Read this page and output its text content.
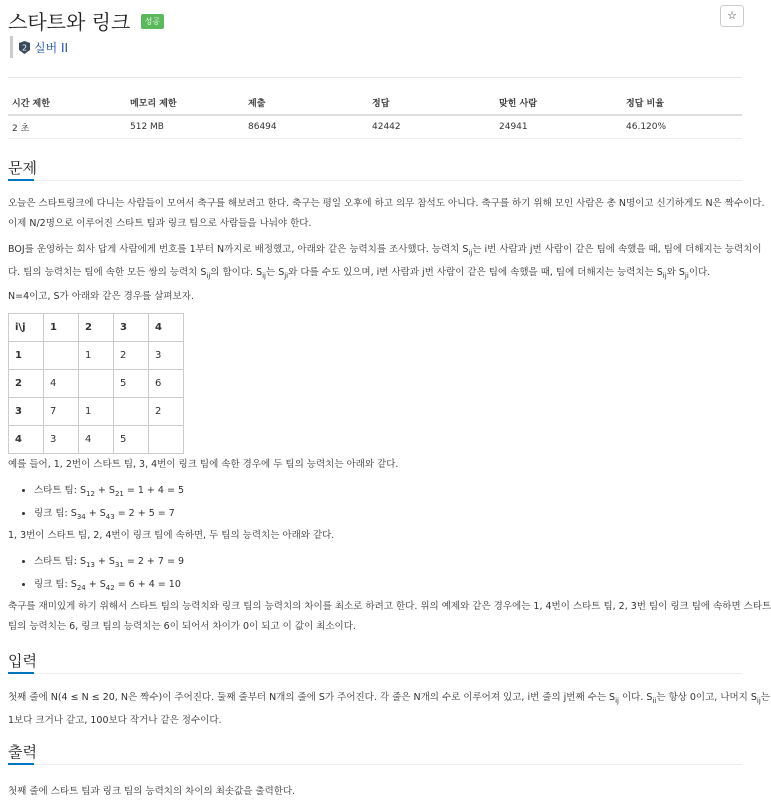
스타트와 링크 성공	☆
2 실버 II
시간 제한	메모리 제한	제출	정답	맞힌 사람	정답 비율
2 초	512 MB	86494	42442	24941	46.120%
문제
오늘은 스타트링크에 다니는 사람들이 모여서 축구를 해보려고 한다. 축구는 평일 오후에 하고 의무 참석도 아니다. 축구를 하기 위해 모인 사람은 총 N명이고 신기하게도 N은 짝수이다.
이제 N/2명으로 이루어진 스타트 팀과 링크 팀으로 사람들을 나눠야 한다.
BOJ를 운영하는 회사 답게 사람에게 번호를 1부터 N까지로 배정했고, 아래와 같은 능력치를 조사했다. 능력치 $S_{ij}$는 i번 사람과 j번 사람이 같은 팀에 속했을 때, 팀에 더해지는 능력치이
다. 팀의 능력치는 팀에 속한 모든 쌍의 능력치 $S_{ij}$의 합이다. $S_{ij}$는 $S_{ji}$와 다를 수도 있으며, i번 사람과 j번 사람이 같은 팀에 속했을 때, 팀에 더해지는 능력치는 $S_{ij}$와 $S_{ji}$이다.
N=4이고, S가 아래와 같은 경우를 살펴보자.
i\j	1	2	3	4
1		1	2	3
2	4		5	6
3	7	1		2
4	3	4	5	
예를 들어, 1, 2번이 스타트 팀, 3, 4번이 링크 팀에 속한 경우에 두 팀의 능력치는 아래와 같다.
• 스타트 팀: $S_{12} + S_{21} = 1 + 4 = 5$
• 링크 팀: $S_{34} + S_{43} = 2 + 5 = 7$
1, 3번이 스타트 팀, 2, 4번이 링크 팀에 속하면, 두 팀의 능력치는 아래와 같다.
• 스타트 팀: $S_{13} + S_{31} = 2 + 7 = 9$
• 링크 팀: $S_{24} + S_{42} = 6 + 4 = 10$
축구를 재미있게 하기 위해서 스타트 팀의 능력치와 링크 팀의 능력치의 차이를 최소로 하려고 한다. 위의 예제와 같은 경우에는 1, 4번이 스타트 팀, 2, 3번 팀이 링크 팀에 속하면 스타트
팀의 능력치는 6, 링크 팀의 능력치는 6이 되어서 차이가 0이 되고 이 값이 최소이다.
입력
첫째 줄에 N(4 ≤ N ≤ 20, N은 짝수)이 주어진다. 둘째 줄부터 N개의 줄에 S가 주어진다. 각 줄은 N개의 수로 이루어져 있고, i번 줄의 j번째 수는 $S_{ij}$ 이다. $S_{ii}$는 항상 0이고, 나머지 $S_{ij}$는
1보다 크거나 같고, 100보다 작거나 같은 정수이다.
출력
첫째 줄에 스타트 팀과 링크 팀의 능력치의 차이의 최솟값을 출력한다.
